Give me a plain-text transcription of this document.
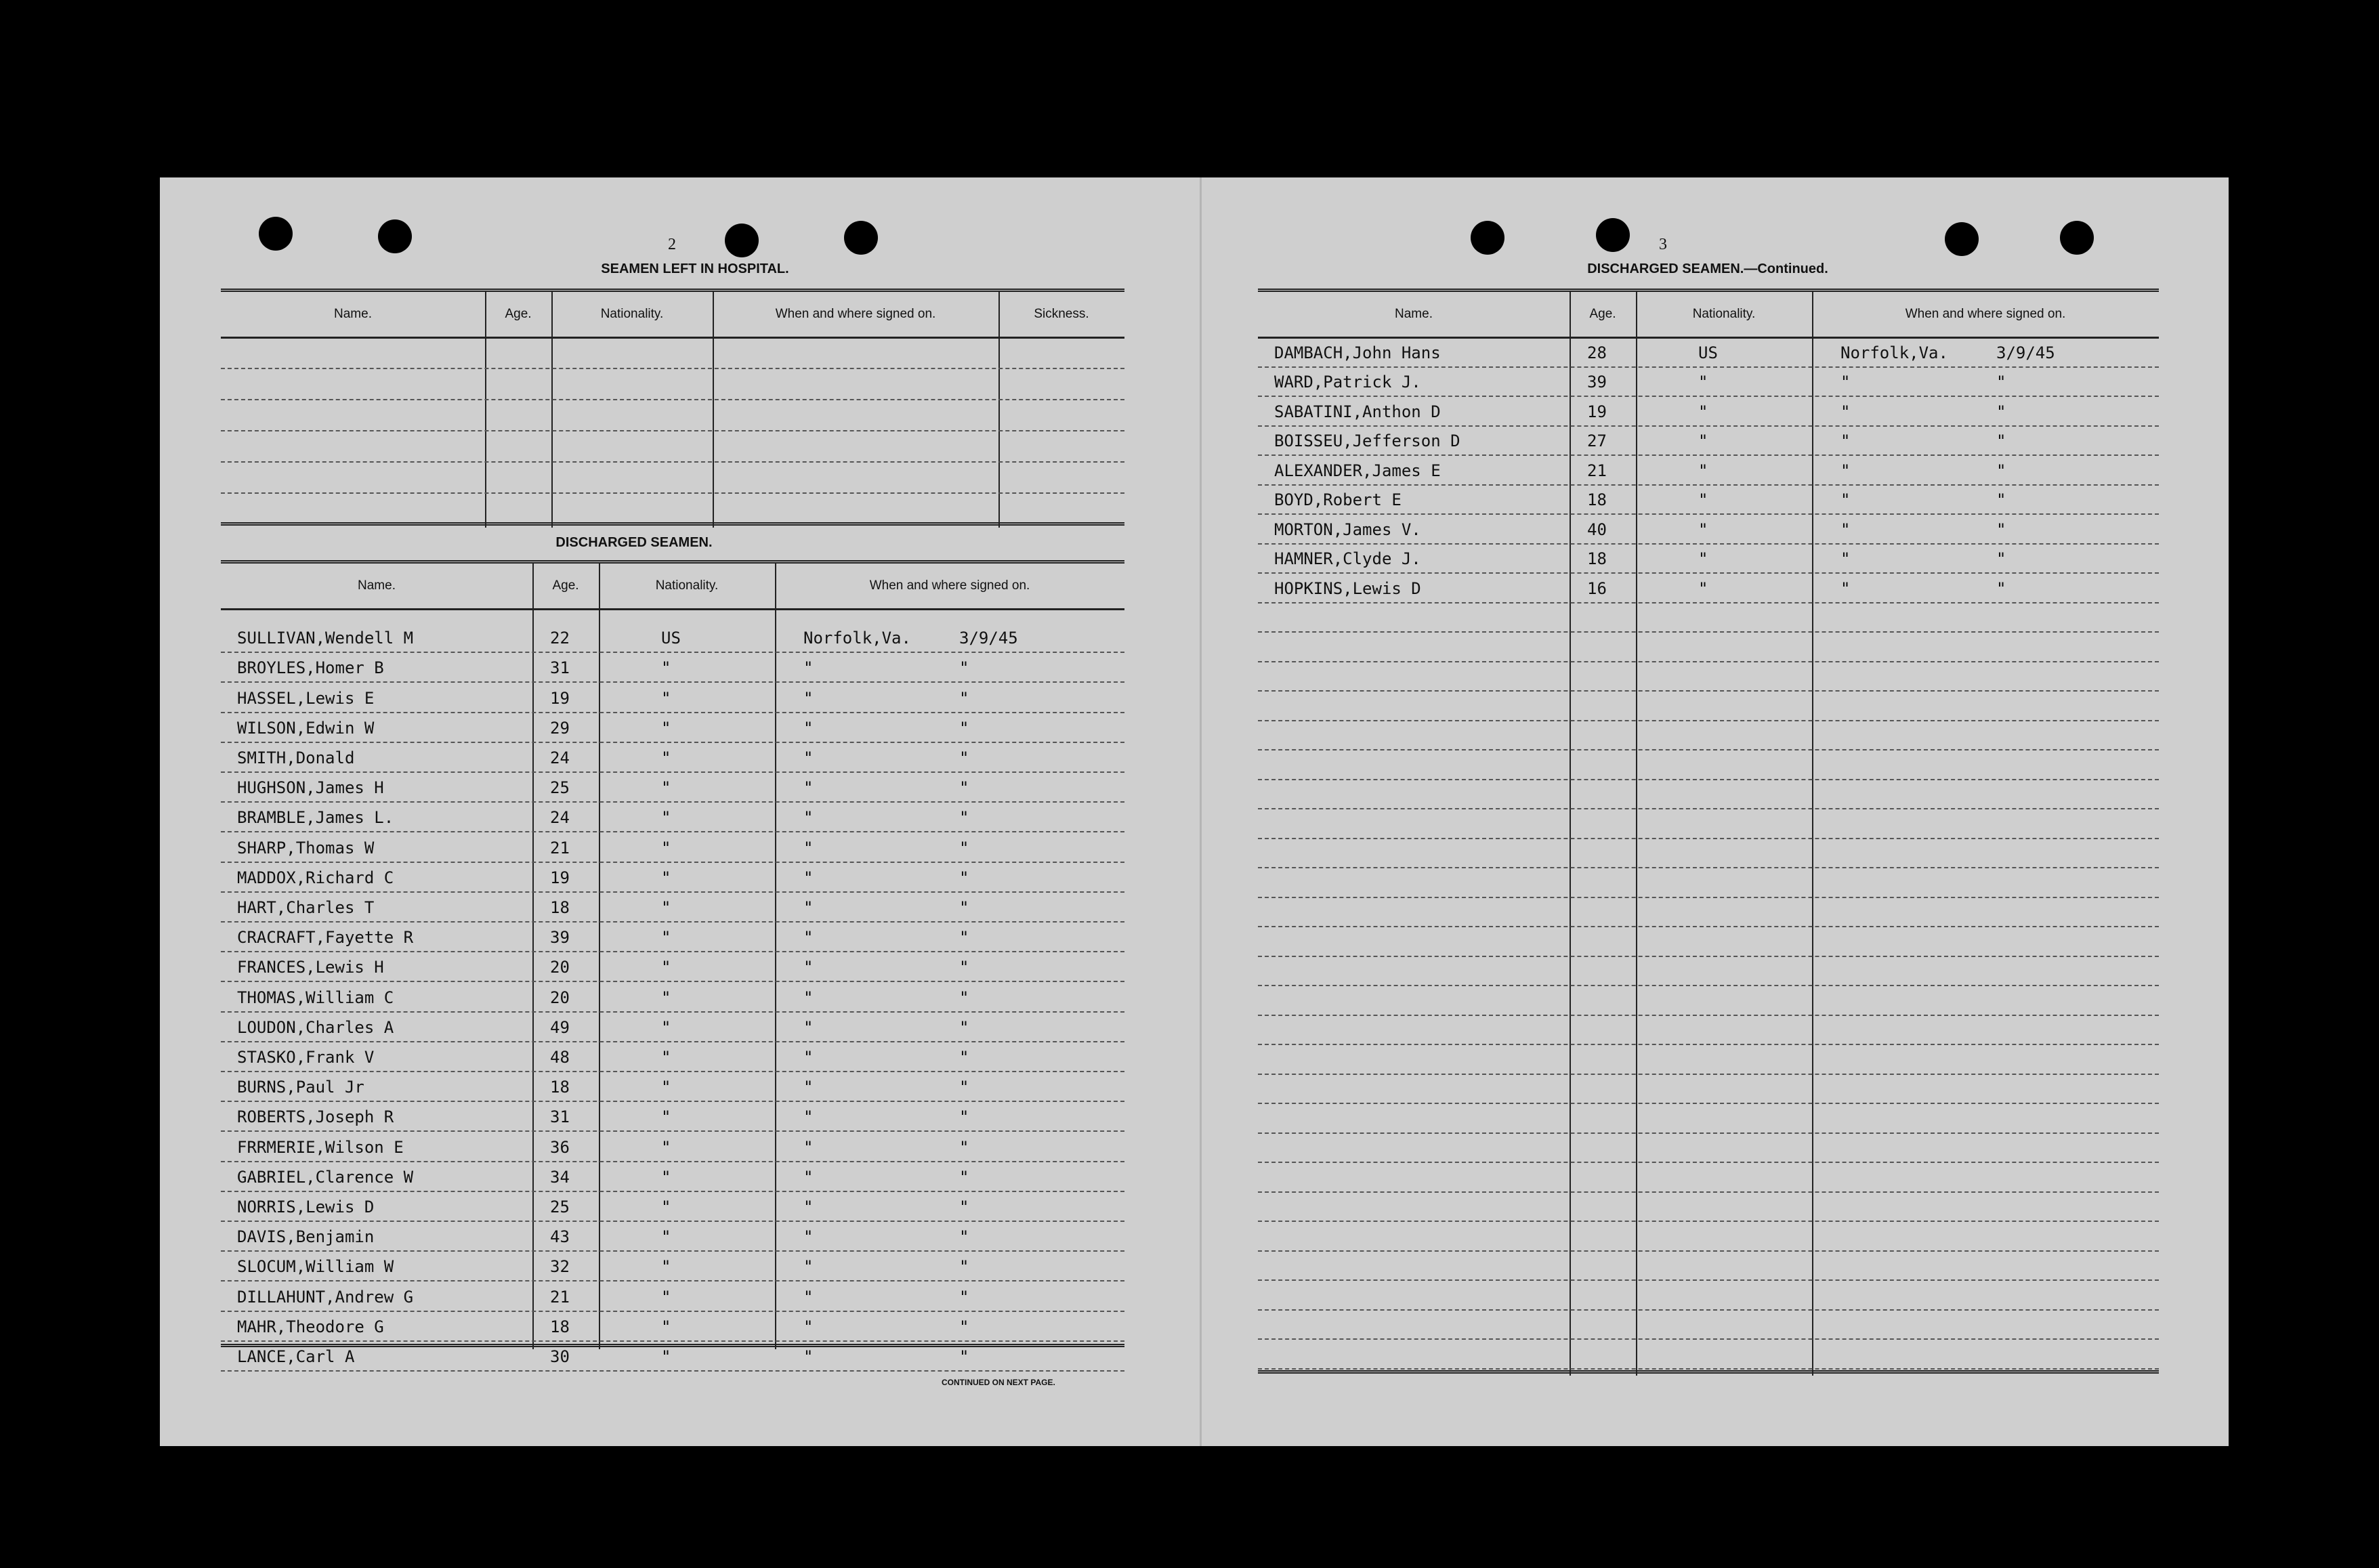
2
SEAMEN LEFT IN HOSPITAL.
Name.	Age.	Nationality.	When and where signed on.	Sickness.
DISCHARGED SEAMEN.
Name.	Age.	Nationality.	When and where signed on.
SULLIVAN,Wendell M	22	US	Norfolk,Va.	3/9/45
BROYLES,Homer B	31	"	"	"
HASSEL,Lewis E	19	"	"	"
WILSON,Edwin W	29	"	"	"
SMITH,Donald	24	"	"	"
HUGHSON,James H	25	"	"	"
BRAMBLE,James L.	24	"	"	"
SHARP,Thomas W	21	"	"	"
MADDOX,Richard C	19	"	"	"
HART,Charles T	18	"	"	"
CRACRAFT,Fayette R	39	"	"	"
FRANCES,Lewis H	20	"	"	"
THOMAS,William C	20	"	"	"
LOUDON,Charles A	49	"	"	"
STASKO,Frank V	48	"	"	"
BURNS,Paul Jr	18	"	"	"
ROBERTS,Joseph R	31	"	"	"
FRRMERIE,Wilson E	36	"	"	"
GABRIEL,Clarence W	34	"	"	"
NORRIS,Lewis D	25	"	"	"
DAVIS,Benjamin	43	"	"	"
SLOCUM,William W	32	"	"	"
DILLAHUNT,Andrew G	21	"	"	"
MAHR,Theodore G	18	"	"	"
LANCE,Carl A	30	"	"	"
CONTINUED ON NEXT PAGE.
3
DISCHARGED SEAMEN.—Continued.
Name.	Age.	Nationality.	When and where signed on.
DAMBACH,John Hans	28	US	Norfolk,Va.	3/9/45
WARD,Patrick J.	39	"	"	"
SABATINI,Anthon D	19	"	"	"
BOISSEU,Jefferson D	27	"	"	"
ALEXANDER,James E	21	"	"	"
BOYD,Robert E	18	"	"	"
MORTON,James V.	40	"	"	"
HAMNER,Clyde J.	18	"	"	"
HOPKINS,Lewis D	16	"	"	"
